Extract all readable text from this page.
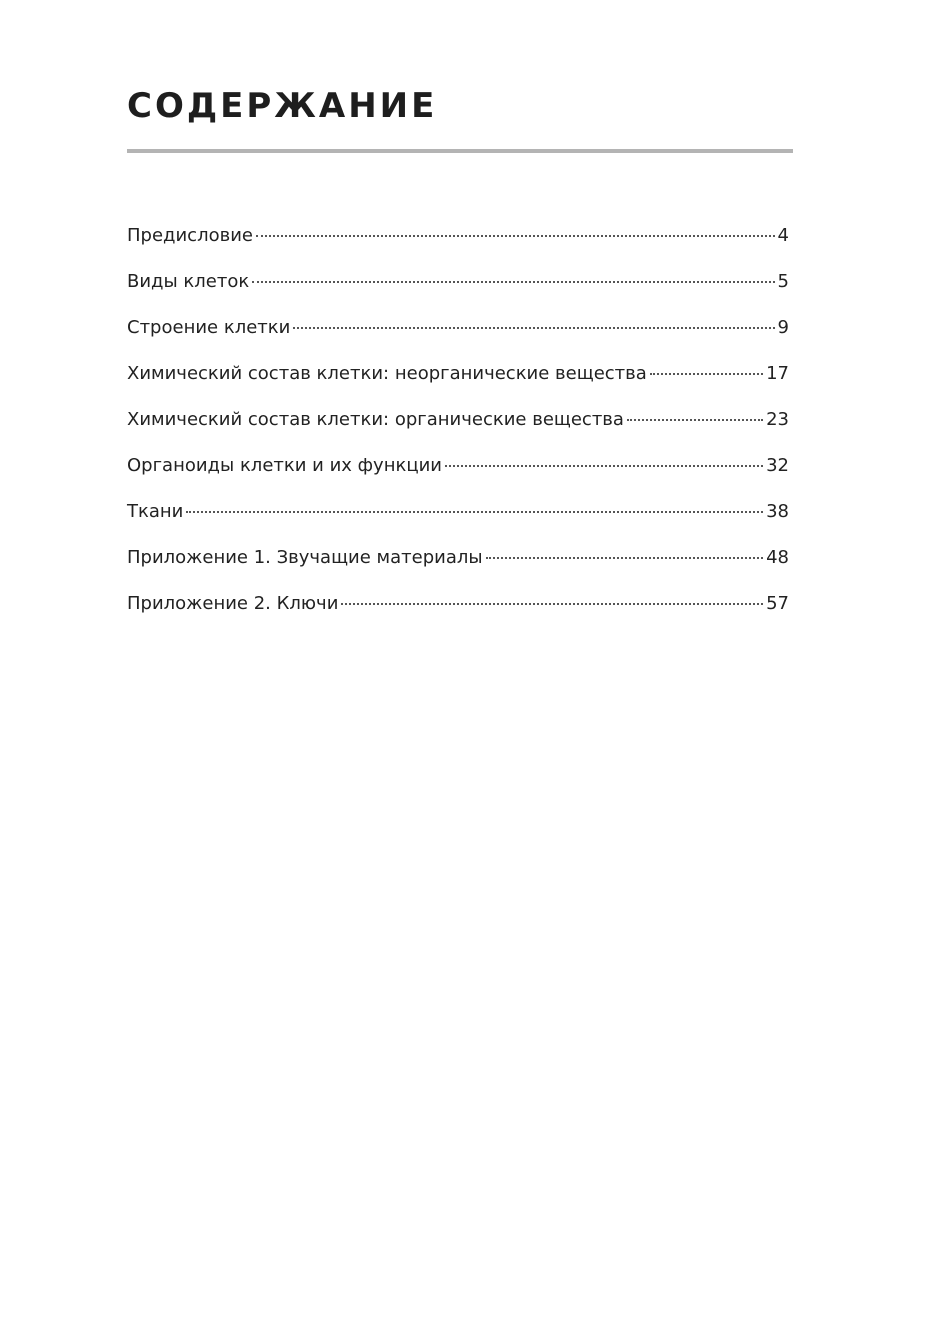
СОДЕРЖАНИЕ
Предисловие	4
Виды клеток	5
Строение клетки	9
Химический состав клетки: неорганические вещества	17
Химический состав клетки: органические вещества	23
Органоиды клетки и их функции	32
Ткани	38
Приложение 1. Звучащие материалы	48
Приложение 2. Ключи	57
